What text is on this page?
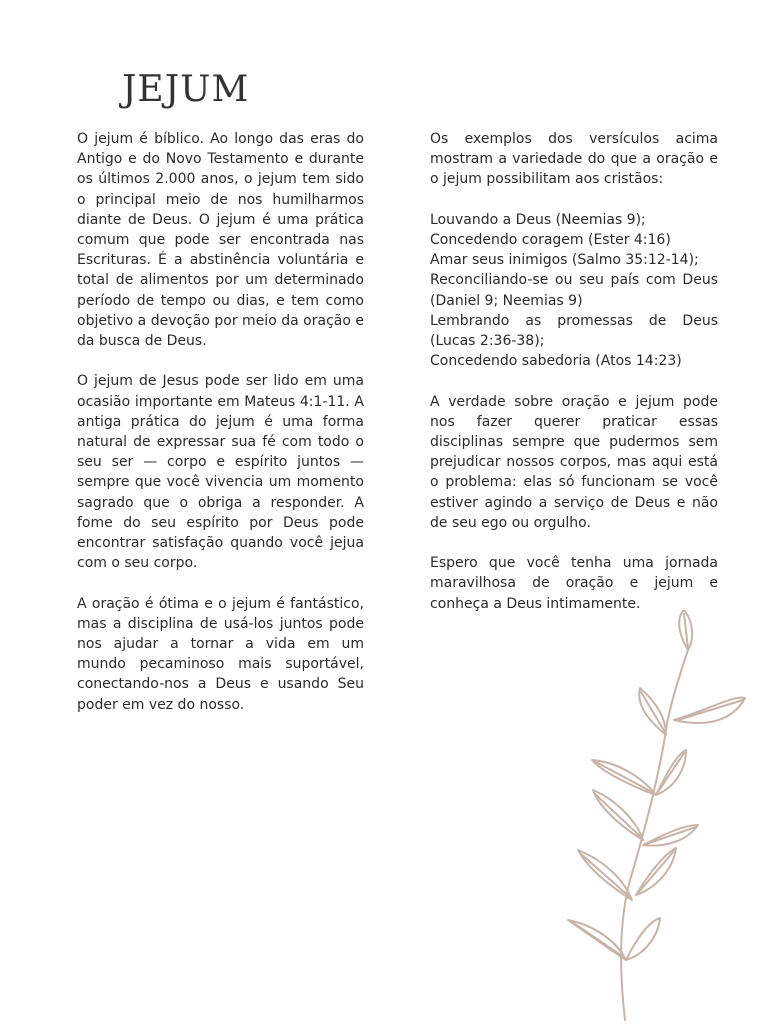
JEJUM

O jejum é bíblico. Ao longo das eras do Antigo e do Novo Testamento e durante os últimos 2.000 anos, o jejum tem sido o principal meio de nos humilharmos diante de Deus. O jejum é uma prática comum que pode ser encontrada nas Escrituras. É a abstinência voluntária e total de alimentos por um determinado período de tempo ou dias, e tem como objetivo a devoção por meio da oração e da busca de Deus.

O jejum de Jesus pode ser lido em uma ocasião importante em Mateus 4:1-11. A antiga prática do jejum é uma forma natural de expressar sua fé com todo o seu ser — corpo e espírito juntos — sempre que você vivencia um momento sagrado que o obriga a responder. A fome do seu espírito por Deus pode encontrar satisfação quando você jejua com o seu corpo.

A oração é ótima e o jejum é fantástico, mas a disciplina de usá-los juntos pode nos ajudar a tornar a vida em um mundo pecaminoso mais suportável, conectando-nos a Deus e usando Seu poder em vez do nosso.

Os exemplos dos versículos acima mostram a variedade do que a oração e o jejum possibilitam aos cristãos:

Louvando a Deus (Neemias 9);
Concedendo coragem (Ester 4:16)
Amar seus inimigos (Salmo 35:12-14);
Reconciliando-se ou seu país com Deus (Daniel 9; Neemias 9)
Lembrando as promessas de Deus (Lucas 2:36-38);
Concedendo sabedoria (Atos 14:23)

A verdade sobre oração e jejum pode nos fazer querer praticar essas disciplinas sempre que pudermos sem prejudicar nossos corpos, mas aqui está o problema: elas só funcionam se você estiver agindo a serviço de Deus e não de seu ego ou orgulho.

Espero que você tenha uma jornada maravilhosa de oração e jejum e conheça a Deus intimamente.
